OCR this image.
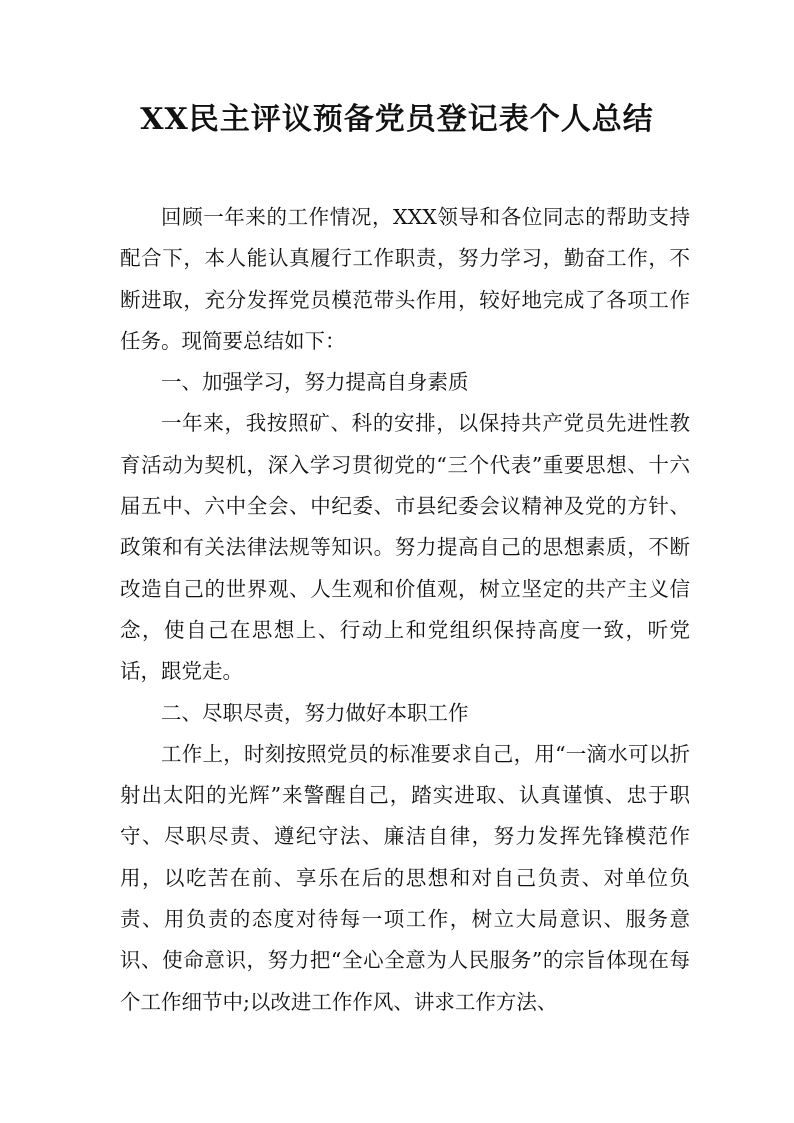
XX民主评议预备党员登记表个人总结

回顾一年来的工作情况，XXX领导和各位同志的帮助支持配合下，本人能认真履行工作职责，努力学习，勤奋工作，不断进取，充分发挥党员模范带头作用，较好地完成了各项工作任务。现简要总结如下：

一、加强学习，努力提高自身素质

一年来，我按照矿、科的安排，以保持共产党员先进性教育活动为契机，深入学习贯彻党的“三个代表”重要思想、十六届五中、六中全会、中纪委、市县纪委会议精神及党的方针、政策和有关法律法规等知识。努力提高自己的思想素质，不断改造自己的世界观、人生观和价值观，树立坚定的共产主义信念，使自己在思想上、行动上和党组织保持高度一致，听党话，跟党走。

二、尽职尽责，努力做好本职工作

工作上，时刻按照党员的标准要求自己，用“一滴水可以折射出太阳的光辉”来警醒自己，踏实进取、认真谨慎、忠于职守、尽职尽责、遵纪守法、廉洁自律，努力发挥先锋模范作用，以吃苦在前、享乐在后的思想和对自己负责、对单位负责、用负责的态度对待每一项工作，树立大局意识、服务意识、使命意识，努力把“全心全意为人民服务”的宗旨体现在每个工作细节中;以改进工作作风、讲求工作方法、
